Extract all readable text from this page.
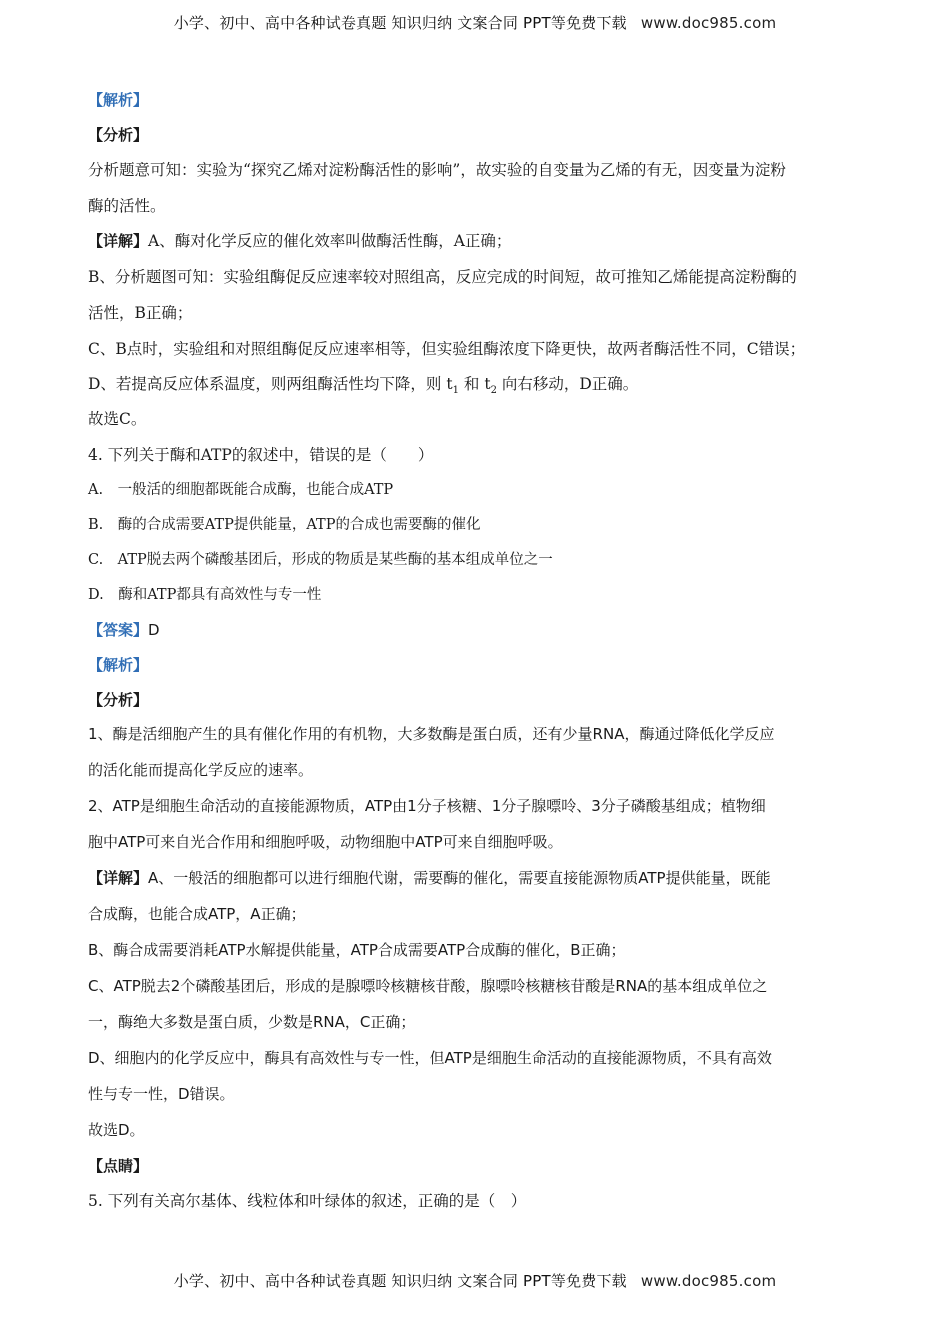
小学、初中、高中各种试卷真题 知识归纳 文案合同 PPT等免费下载 www.doc985.com
【解析】
【分析】
分析题意可知：实验为“探究乙烯对淀粉酶活性的影响”，故实验的自变量为乙烯的有无，因变量为淀粉
酶的活性。
【详解】A、酶对化学反应的催化效率叫做酶活性酶，A正确；
B、分析题图可知：实验组酶促反应速率较对照组高，反应完成的时间短，故可推知乙烯能提高淀粉酶的
活性，B正确；
C、B点时，实验组和对照组酶促反应速率相等，但实验组酶浓度下降更快，故两者酶活性不同，C错误；
D、若提高反应体系温度，则两组酶活性均下降，则 $t_1$ 和 $t_2$ 向右移动，D正确。
故选C。
4. 下列关于酶和ATP的叙述中，错误的是（　　）
A.　一般活的细胞都既能合成酶，也能合成ATP
B.　酶的合成需要ATP提供能量，ATP的合成也需要酶的催化
C.　ATP脱去两个磷酸基团后，形成的物质是某些酶的基本组成单位之一
D.　酶和ATP都具有高效性与专一性
【答案】D
【解析】
【分析】
1、酶是活细胞产生的具有催化作用的有机物，大多数酶是蛋白质，还有少量RNA，酶通过降低化学反应
的活化能而提高化学反应的速率。
2、ATP是细胞生命活动的直接能源物质，ATP由1分子核糖、1分子腺嘌呤、3分子磷酸基组成；植物细
胞中ATP可来自光合作用和细胞呼吸，动物细胞中ATP可来自细胞呼吸。
【详解】A、一般活的细胞都可以进行细胞代谢，需要酶的催化，需要直接能源物质ATP提供能量，既能
合成酶，也能合成ATP，A正确；
B、酶合成需要消耗ATP水解提供能量，ATP合成需要ATP合成酶的催化，B正确；
C、ATP脱去2个磷酸基团后，形成的是腺嘌呤核糖核苷酸，腺嘌呤核糖核苷酸是RNA的基本组成单位之
一，酶绝大多数是蛋白质，少数是RNA，C正确；
D、细胞内的化学反应中，酶具有高效性与专一性，但ATP是细胞生命活动的直接能源物质，不具有高效
性与专一性，D错误。
故选D。
【点睛】
5. 下列有关高尔基体、线粒体和叶绿体的叙述，正确的是（　）
小学、初中、高中各种试卷真题 知识归纳 文案合同 PPT等免费下载 www.doc985.com
